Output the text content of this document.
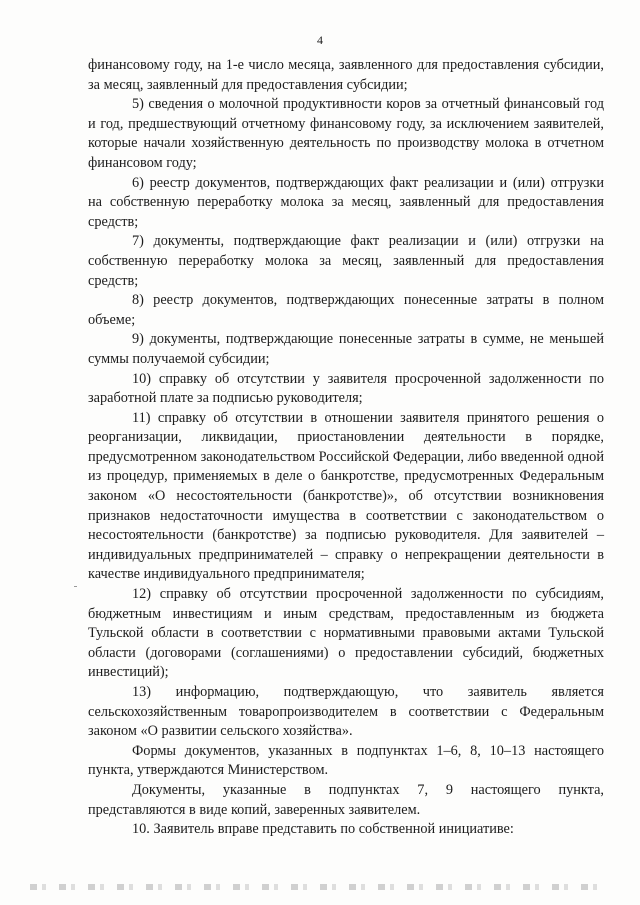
4

финансовому году, на 1-е число месяца, заявленного для предоставления субсидии, за месяц, заявленный для предоставления субсидии;

5) сведения о молочной продуктивности коров за отчетный финансовый год и год, предшествующий отчетному финансовому году, за исключением заявителей, которые начали хозяйственную деятельность по производству молока в отчетном финансовом году;

6) реестр документов, подтверждающих факт реализации и (или) отгрузки на собственную переработку молока за месяц, заявленный для предоставления средств;

7) документы, подтверждающие факт реализации и (или) отгрузки на собственную переработку молока за месяц, заявленный для предоставления средств;

8) реестр документов, подтверждающих понесенные затраты в полном объеме;

9) документы, подтверждающие понесенные затраты в сумме, не меньшей суммы получаемой субсидии;

10) справку об отсутствии у заявителя просроченной задолженности по заработной плате за подписью руководителя;

11) справку об отсутствии в отношении заявителя принятого решения о реорганизации, ликвидации, приостановлении деятельности в порядке, предусмотренном законодательством Российской Федерации, либо введенной одной из процедур, применяемых в деле о банкротстве, предусмотренных Федеральным законом «О несостоятельности (банкротстве)», об отсутствии возникновения признаков недостаточности имущества в соответствии с законодательством о несостоятельности (банкротстве) за подписью руководителя. Для заявителей – индивидуальных предпринимателей – справку о непрекращении деятельности в качестве индивидуального предпринимателя;

12) справку об отсутствии просроченной задолженности по субсидиям, бюджетным инвестициям и иным средствам, предоставленным из бюджета Тульской области в соответствии с нормативными правовыми актами Тульской области (договорами (соглашениями) о предоставлении субсидий, бюджетных инвестиций);

13) информацию, подтверждающую, что заявитель является сельскохозяйственным товаропроизводителем в соответствии с Федеральным законом «О развитии сельского хозяйства».

Формы документов, указанных в подпунктах 1–6, 8, 10–13 настоящего пункта, утверждаются Министерством.

Документы, указанные в подпунктах 7, 9 настоящего пункта, представляются в виде копий, заверенных заявителем.

10. Заявитель вправе представить по собственной инициативе:
